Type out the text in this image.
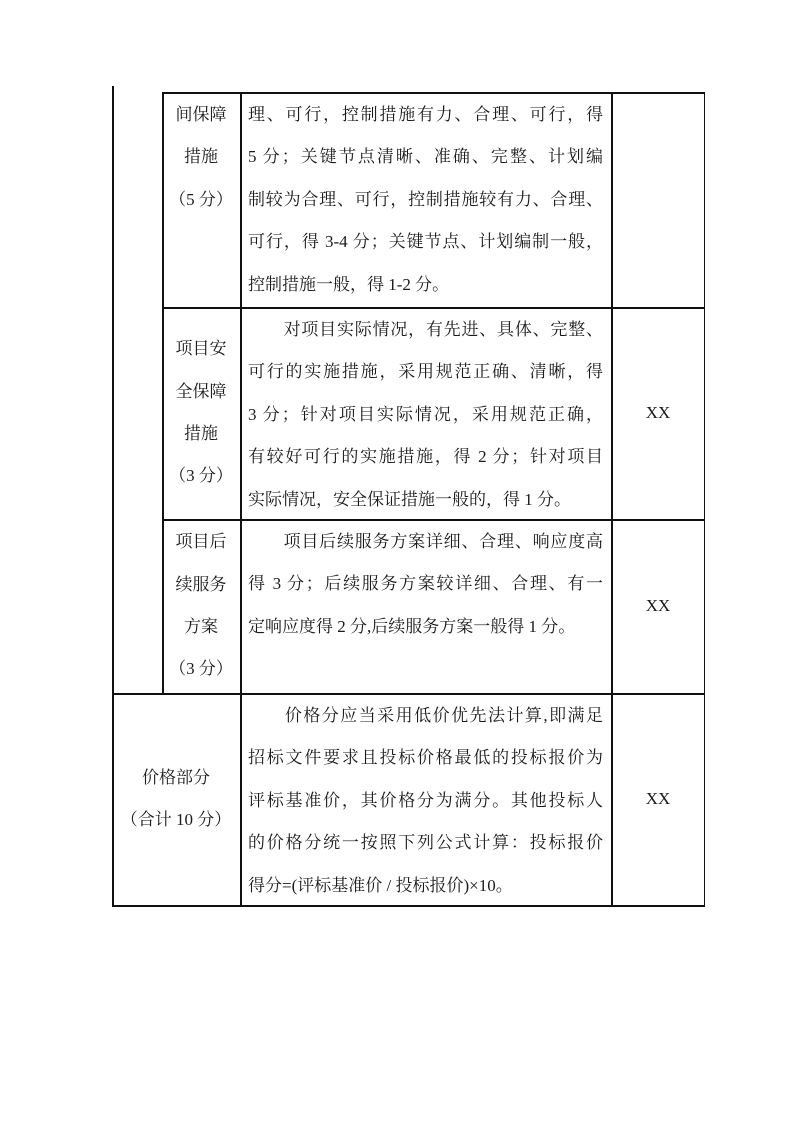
间保障
措施
（5 分）
理、可行，控制措施有力、合理、可行，得
5 分；关键节点清晰、准确、完整、计划编
制较为合理、可行，控制措施较有力、合理、
可行，得 3-4 分；关键节点、计划编制一般，
控制措施一般，得 1-2 分。
项目安
全保障
措施
（3 分）
　　对项目实际情况，有先进、具体、完整、
可行的实施措施，采用规范正确、清晰，得
3 分；针对项目实际情况，采用规范正确，
有较好可行的实施措施，得 2 分；针对项目
实际情况，安全保证措施一般的，得 1 分。
XX
项目后
续服务
方案
（3 分）
　　项目后续服务方案详细、合理、响应度高
得 3 分；后续服务方案较详细、合理、有一
定响应度得 2 分,后续服务方案一般得 1 分。
XX
价格部分
（合计 10 分）
　　价格分应当采用低价优先法计算,即满足
招标文件要求且投标价格最低的投标报价为
评标基准价，其价格分为满分。其他投标人
的价格分统一按照下列公式计算：投标报价
得分=(评标基准价 / 投标报价)×10。
XX
